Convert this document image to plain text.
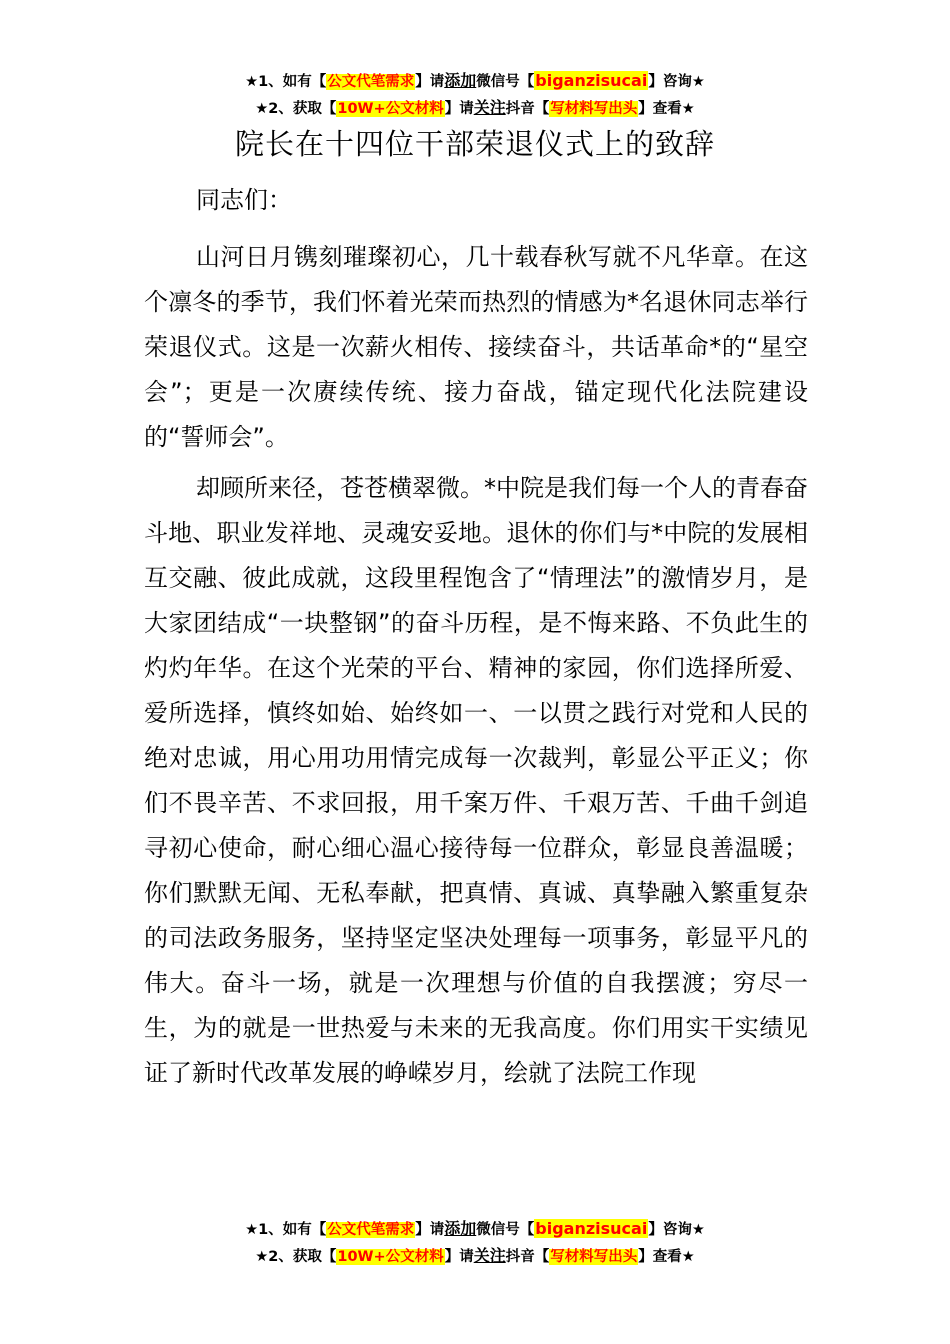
★1、如有【公文代笔需求】请添加微信号【biganzisucai】咨询★
★2、获取【10W+公文材料】请关注抖音【写材料写出头】查看★
院长在十四位干部荣退仪式上的致辞

同志们：

山河日月镌刻璀璨初心，几十载春秋写就不凡华章。在这个凛冬的季节，我们怀着光荣而热烈的情感为*名退休同志举行荣退仪式。这是一次薪火相传、接续奋斗，共话革命*的“星空会”；更是一次赓续传统、接力奋战，锚定现代化法院建设的“誓师会”。

却顾所来径，苍苍横翠微。*中院是我们每一个人的青春奋斗地、职业发祥地、灵魂安妥地。退休的你们与*中院的发展相互交融、彼此成就，这段里程饱含了“情理法”的激情岁月，是大家团结成“一块整钢”的奋斗历程，是不悔来路、不负此生的灼灼年华。在这个光荣的平台、精神的家园，你们选择所爱、爱所选择，慎终如始、始终如一、一以贯之践行对党和人民的绝对忠诚，用心用功用情完成每一次裁判，彰显公平正义；你们不畏辛苦、不求回报，用千案万件、千艰万苦、千曲千剑追寻初心使命，耐心细心温心接待每一位群众，彰显良善温暖；你们默默无闻、无私奉献，把真情、真诚、真挚融入繁重复杂的司法政务服务，坚持坚定坚决处理每一项事务，彰显平凡的伟大。奋斗一场，就是一次理想与价值的自我摆渡；穷尽一生，为的就是一世热爱与未来的无我高度。你们用实干实绩见证了新时代改革发展的峥嵘岁月，绘就了法院工作现

★1、如有【公文代笔需求】请添加微信号【biganzisucai】咨询★
★2、获取【10W+公文材料】请关注抖音【写材料写出头】查看★
